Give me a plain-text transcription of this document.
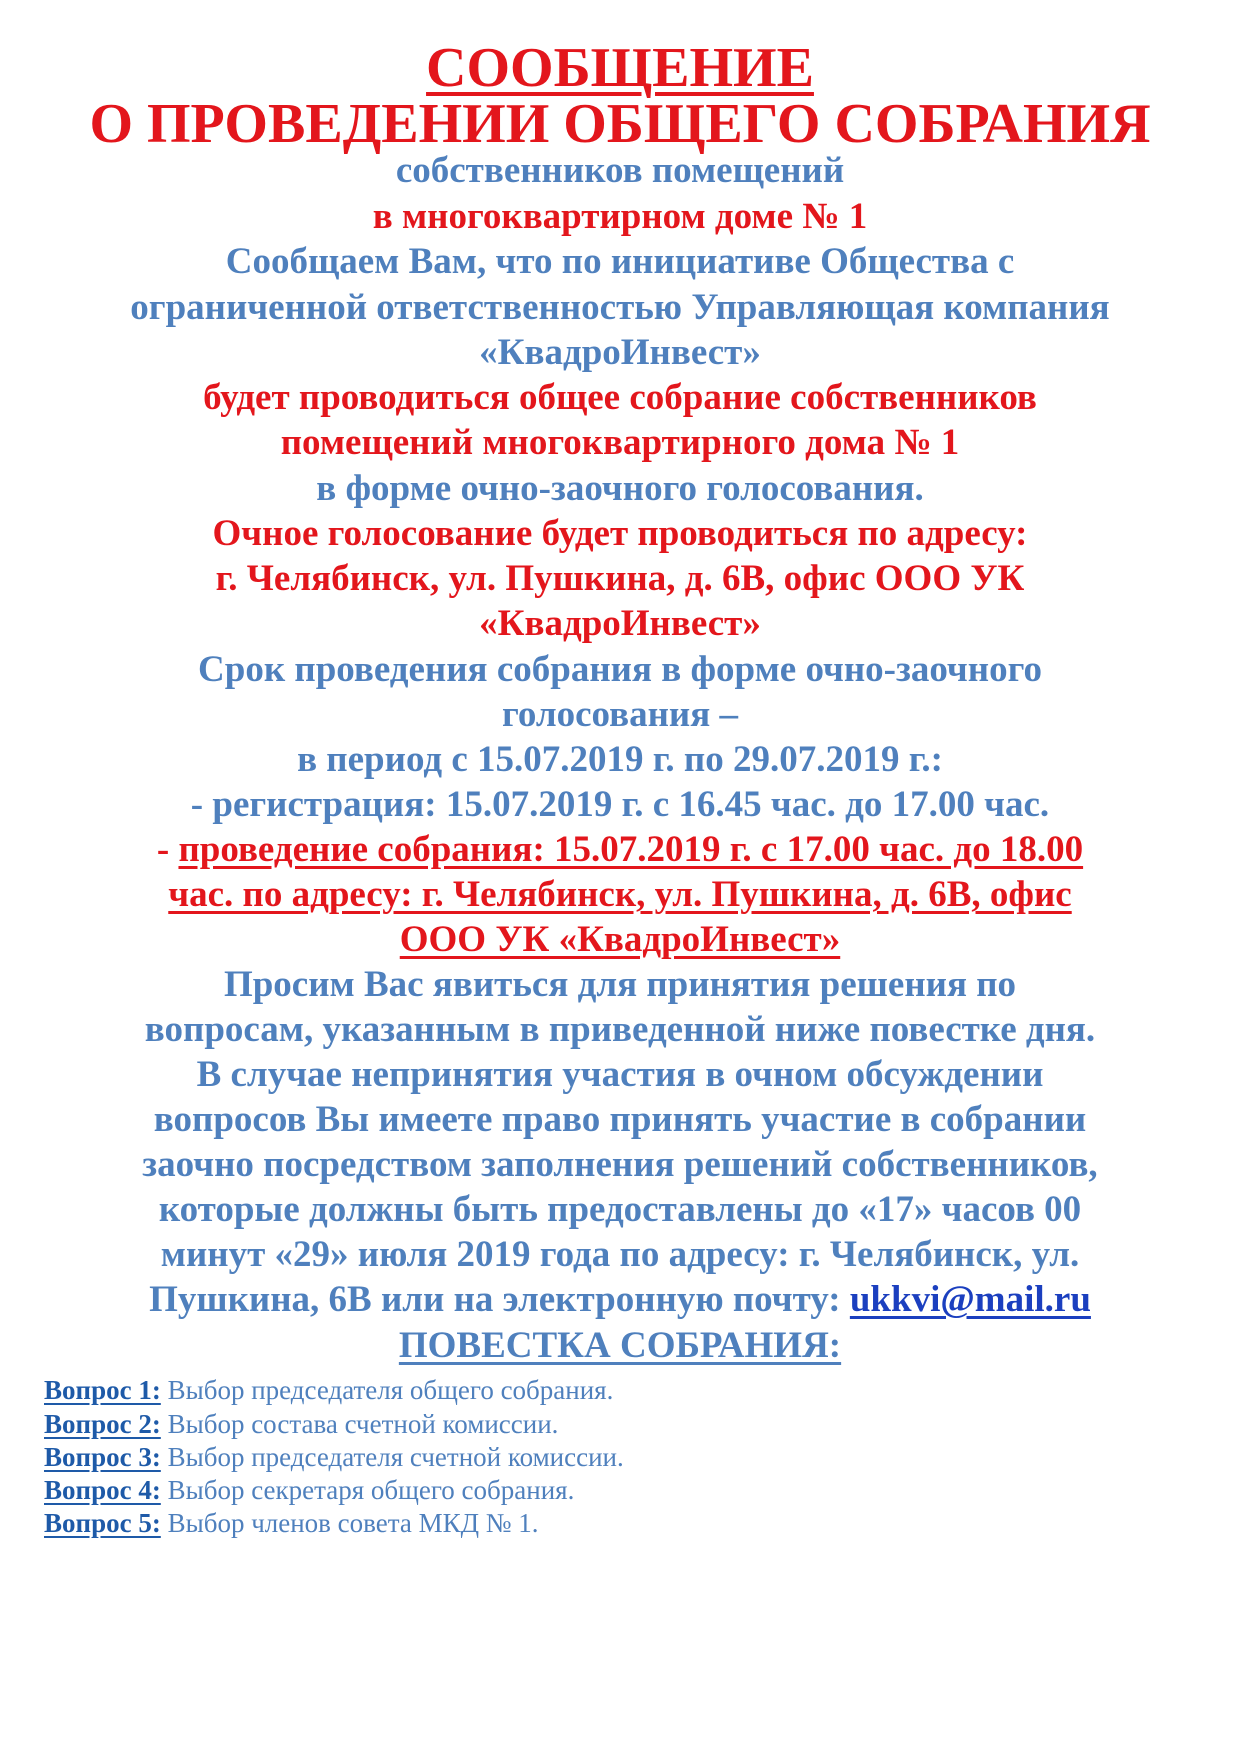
СООБЩЕНИЕ
О ПРОВЕДЕНИИ ОБЩЕГО СОБРАНИЯ
собственников помещений
в многоквартирном доме № 1
Сообщаем Вам, что по инициативе Общества с
ограниченной ответственностью Управляющая компания
«КвадроИнвест»
будет проводиться общее собрание собственников
помещений многоквартирного дома № 1
в форме очно-заочного голосования.
Очное голосование будет проводиться по адресу:
г. Челябинск, ул. Пушкина, д. 6В, офис ООО УК
«КвадроИнвест»
Срок проведения собрания в форме очно-заочного
голосования –
в период с 15.07.2019 г. по 29.07.2019 г.:
- регистрация: 15.07.2019 г. с 16.45 час. до 17.00 час.
- проведение собрания: 15.07.2019 г. с 17.00 час. до 18.00
час. по адресу: г. Челябинск, ул. Пушкина, д. 6В, офис
ООО УК «КвадроИнвест»
Просим Вас явиться для принятия решения по
вопросам, указанным в приведенной ниже повестке дня.
В случае непринятия участия в очном обсуждении
вопросов Вы имеете право принять участие в собрании
заочно посредством заполнения решений собственников,
которые должны быть предоставлены до «17» часов 00
минут «29» июля 2019 года по адресу: г. Челябинск, ул.
Пушкина, 6В или на электронную почту: ukkvi@mail.ru
ПОВЕСТКА СОБРАНИЯ:
Вопрос 1: Выбор председателя общего собрания.
Вопрос 2: Выбор состава счетной комиссии.
Вопрос 3: Выбор председателя счетной комиссии.
Вопрос 4: Выбор секретаря общего собрания.
Вопрос 5: Выбор членов совета МКД № 1.
